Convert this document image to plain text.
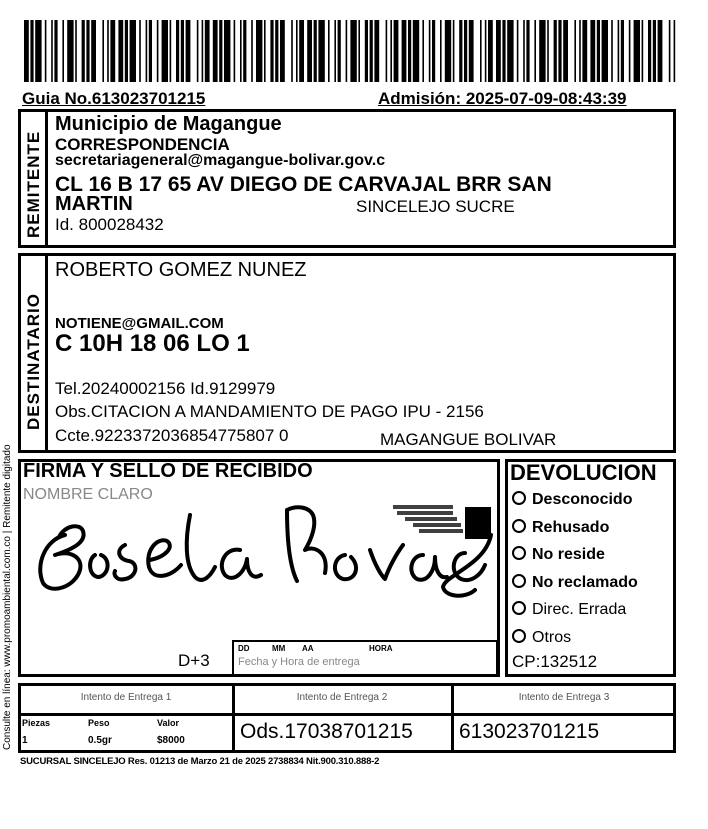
Guia No.613023701215	Admisión: 2025-07-09-08:43:39
Consulte en línea: www.promoambiental.com.co | Remitente digitado
REMITENTE
Municipio de Magangue
CORRESPONDENCIA
secretariageneral@magangue-bolivar.gov.c
CL 16 B 17 65 AV DIEGO DE CARVAJAL BRR SAN
MARTIN	SINCELEJO SUCRE
Id. 800028432
DESTINATARIO
ROBERTO GOMEZ NUNEZ
NOTIENE@GMAIL.COM
C 10H 18 06 LO 1
Tel.20240002156 Id.9129979
Obs.CITACION A MANDAMIENTO DE PAGO IPU - 2156
Ccte.9223372036854775807 0	MAGANGUE BOLIVAR
FIRMA Y SELLO DE RECIBIDO
NOMBRE CLARO
D+3
DD	MM AA	HORA
Fecha y Hora de entrega
DEVOLUCION
Desconocido
Rehusado
No reside
No reclamado
Direc. Errada
Otros
CP:132512
Intento de Entrega 1	Intento de Entrega 2	Intento de Entrega 3
Piezas	Peso	Valor
1	0.5gr	$8000	Ods.17038701215 613023701215
SUCURSAL SINCELEJO Res. 01213 de Marzo 21 de 2025 2738834 Nit.900.310.888-2
